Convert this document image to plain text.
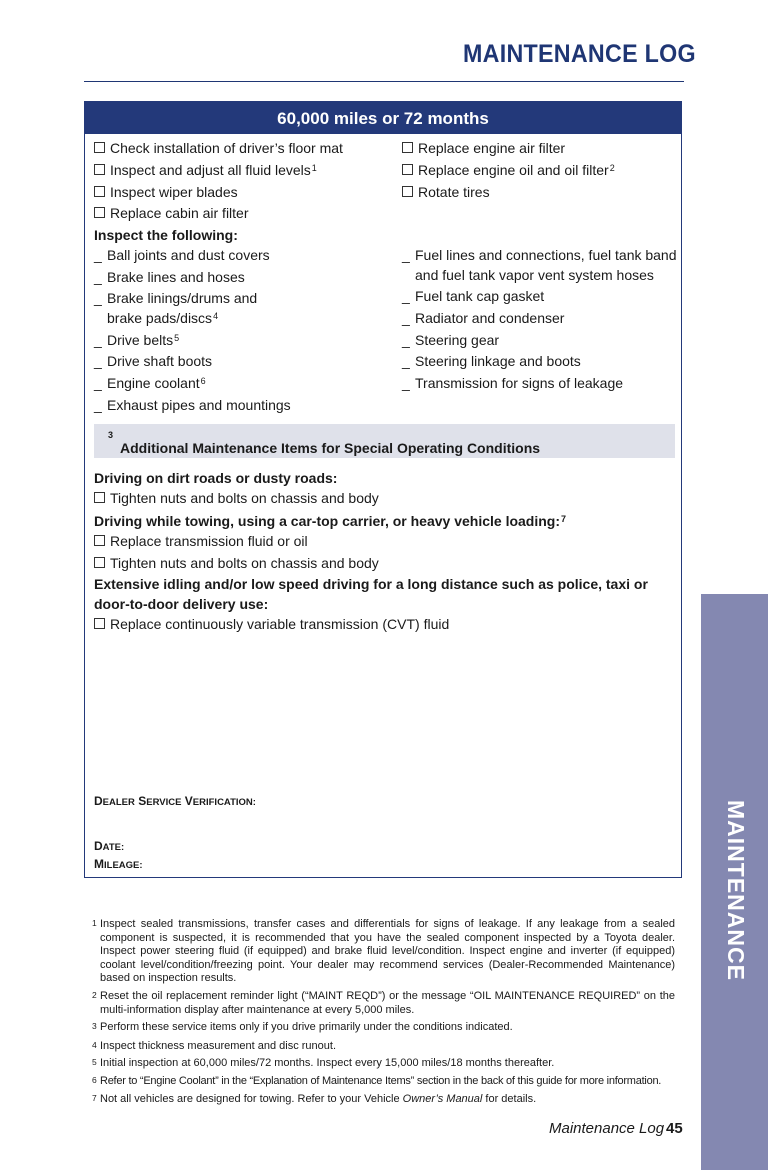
MAINTENANCE LOG
60,000 miles or 72 months
Check installation of driver’s floor mat
Inspect and adjust all fluid levels$^1$
Inspect wiper blades
Replace cabin air filter
Replace engine air filter
Replace engine oil and oil filter$^2$
Rotate tires
Inspect the following:
_ Ball joints and dust covers
_ Brake lines and hoses
_ Brake linings/drums and
brake pads/discs$^4$
_ Drive belts$^5$
_ Drive shaft boots
_ Engine coolant$^6$
_ Exhaust pipes and mountings
_ Fuel lines and connections, fuel tank band
and fuel tank vapor vent system hoses
_ Fuel tank cap gasket
_ Radiator and condenser
_ Steering gear
_ Steering linkage and boots
_ Transmission for signs of leakage
Additional Maintenance Items for Special Operating Conditions
$^3$
Driving on dirt roads or dusty roads:
Tighten nuts and bolts on chassis and body
Driving while towing, using a car-top carrier, or heavy vehicle loading:$^7$
Replace transmission fluid or oil
Tighten nuts and bolts on chassis and body
Extensive idling and/or low speed driving for a long distance such as police, taxi or
door-to-door delivery use:
Replace continuously variable transmission (CVT) fluid
DEALER SERVICE VERIFICATION:
DATE:
MILEAGE:
1 Inspect sealed transmissions, transfer cases and differentials for signs of leakage. If any leakage from a sealed component is suspected, it is recommended that you have the sealed component inspected by a Toyota dealer. Inspect power steering fluid (if equipped) and brake fluid level/condition. Inspect engine and inverter (if equipped) coolant level/condition/freezing point. Your dealer may recommend services (Dealer-Recommended Maintenance) based on inspection results.
2 Reset the oil replacement reminder light (“MAINT REQD”) or the message “OIL MAINTENANCE REQUIRED” on the multi-information display after maintenance at every 5,000 miles.
3 Perform these service items only if you drive primarily under the conditions indicated.
4 Inspect thickness measurement and disc runout.
5 Initial inspection at 60,000 miles/72 months. Inspect every 15,000 miles/18 months thereafter.
6 Refer to “Engine Coolant” in the “Explanation of Maintenance Items” section in the back of this guide for more information.
7 Not all vehicles are designed for towing. Refer to your Vehicle Owner’s Manual for details.
MAINTENANCE
Maintenance Log 45
